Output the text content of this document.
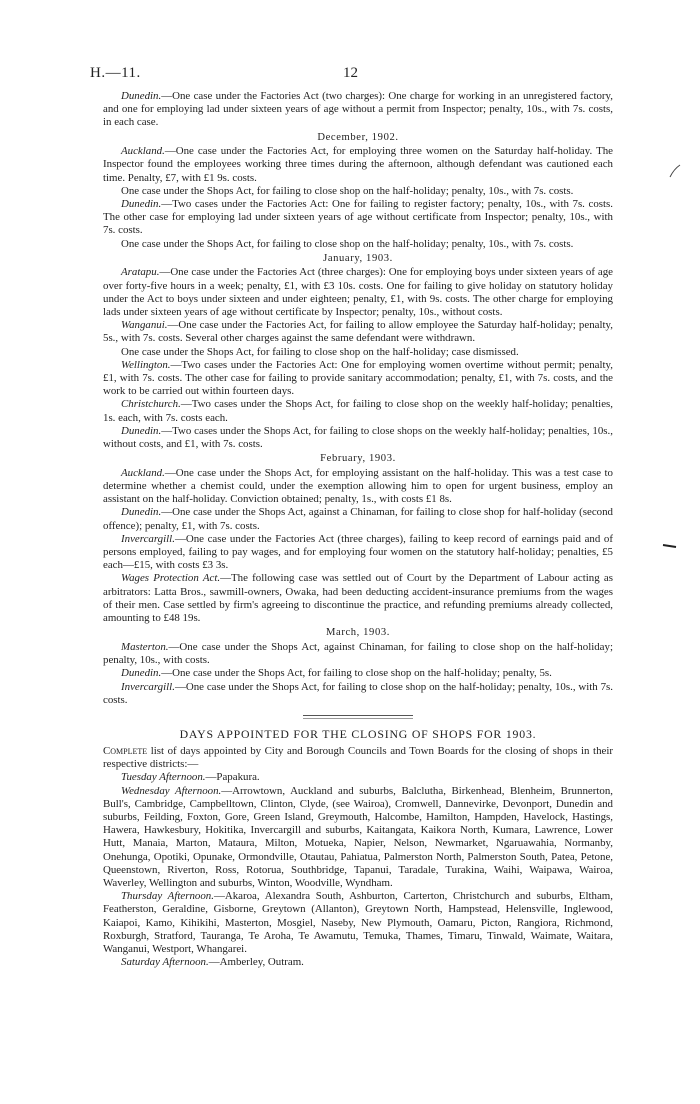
H.—11.	12

Dunedin.—One case under the Factories Act (two charges): One charge for working in an unregistered factory, and one for employing lad under sixteen years of age without a permit from Inspector; penalty, 10s., with 7s. costs, in each case.

December, 1902.

Auckland.—One case under the Factories Act, for employing three women on the Saturday half-holiday. The Inspector found the employees working three times during the afternoon, although defendant was cautioned each time. Penalty, £7, with £1 9s. costs.

One case under the Shops Act, for failing to close shop on the half-holiday; penalty, 10s., with 7s. costs.

Dunedin.—Two cases under the Factories Act: One for failing to register factory; penalty, 10s., with 7s. costs. The other case for employing lad under sixteen years of age without certificate from Inspector; penalty, 10s., with 7s. costs.

One case under the Shops Act, for failing to close shop on the half-holiday; penalty, 10s., with 7s. costs.

January, 1903.

Aratapu.—One case under the Factories Act (three charges): One for employing boys under sixteen years of age over forty-five hours in a week; penalty, £1, with £3 10s. costs. One for failing to give holiday on statutory holiday under the Act to boys under sixteen and under eighteen; penalty, £1, with 9s. costs. The other charge for employing lads under sixteen years of age without certificate by Inspector; penalty, 10s., without costs.

Wanganui.—One case under the Factories Act, for failing to allow employee the Saturday half-holiday; penalty, 5s., with 7s. costs. Several other charges against the same defendant were withdrawn.

One case under the Shops Act, for failing to close shop on the half-holiday; case dismissed.

Wellington.—Two cases under the Factories Act: One for employing women overtime without permit; penalty, £1, with 7s. costs. The other case for failing to provide sanitary accommodation; penalty, £1, with 7s. costs, and the work to be carried out within fourteen days.

Christchurch.—Two cases under the Shops Act, for failing to close shop on the weekly half-holiday; penalties, 1s. each, with 7s. costs each.

Dunedin.—Two cases under the Shops Act, for failing to close shops on the weekly half-holiday; penalties, 10s., without costs, and £1, with 7s. costs.

February, 1903.

Auckland.—One case under the Shops Act, for employing assistant on the half-holiday. This was a test case to determine whether a chemist could, under the exemption allowing him to open for urgent business, employ an assistant on the half-holiday. Conviction obtained; penalty, 1s., with costs £1 8s.

Dunedin.—One case under the Shops Act, against a Chinaman, for failing to close shop for half-holiday (second offence); penalty, £1, with 7s. costs.

Invercargill.—One case under the Factories Act (three charges), failing to keep record of earnings paid and of persons employed, failing to pay wages, and for employing four women on the statutory half-holiday; penalties, £5 each—£15, with costs £3 3s.

Wages Protection Act.—The following case was settled out of Court by the Department of Labour acting as arbitrators: Latta Bros., sawmill-owners, Owaka, had been deducting accident-insurance premiums from the wages of their men. Case settled by firm's agreeing to discontinue the practice, and refunding premiums already collected, amounting to £48 19s.

March, 1903.

Masterton.—One case under the Shops Act, against Chinaman, for failing to close shop on the half-holiday; penalty, 10s., with costs.

Dunedin.—One case under the Shops Act, for failing to close shop on the half-holiday; penalty, 5s.

Invercargill.—One case under the Shops Act, for failing to close shop on the half-holiday; penalty, 10s., with 7s. costs.

DAYS APPOINTED FOR THE CLOSING OF SHOPS FOR 1903.

Complete list of days appointed by City and Borough Councils and Town Boards for the closing of shops in their respective districts:—

Tuesday Afternoon.—Papakura.

Wednesday Afternoon.—Arrowtown, Auckland and suburbs, Balclutha, Birkenhead, Blenheim, Brunnerton, Bull's, Cambridge, Campbelltown, Clinton, Clyde, (see Wairoa), Cromwell, Dannevirke, Devonport, Dunedin and suburbs, Feilding, Foxton, Gore, Green Island, Greymouth, Halcombe, Hamilton, Hampden, Havelock, Hastings, Hawera, Hawkesbury, Hokitika, Invercargill and suburbs, Kaitangata, Kaikora North, Kumara, Lawrence, Lower Hutt, Manaia, Marton, Mataura, Milton, Motueka, Napier, Nelson, Newmarket, Ngaruawahia, Normanby, Onehunga, Opotiki, Opunake, Ormondville, Otautau, Pahiatua, Palmerston North, Palmerston South, Patea, Petone, Queenstown, Riverton, Ross, Rotorua, Southbridge, Tapanui, Taradale, Turakina, Waihi, Waipawa, Wairoa, Waverley, Wellington and suburbs, Winton, Woodville, Wyndham.

Thursday Afternoon.—Akaroa, Alexandra South, Ashburton, Carterton, Christchurch and suburbs, Eltham, Featherston, Geraldine, Gisborne, Greytown (Allanton), Greytown North, Hampstead, Helensville, Inglewood, Kaiapoi, Kamo, Kihikihi, Masterton, Mosgiel, Naseby, New Plymouth, Oamaru, Picton, Rangiora, Richmond, Roxburgh, Stratford, Tauranga, Te Aroha, Te Awamutu, Temuka, Thames, Timaru, Tinwald, Waimate, Waitara, Wanganui, Westport, Whangarei.

Saturday Afternoon.—Amberley, Outram.
